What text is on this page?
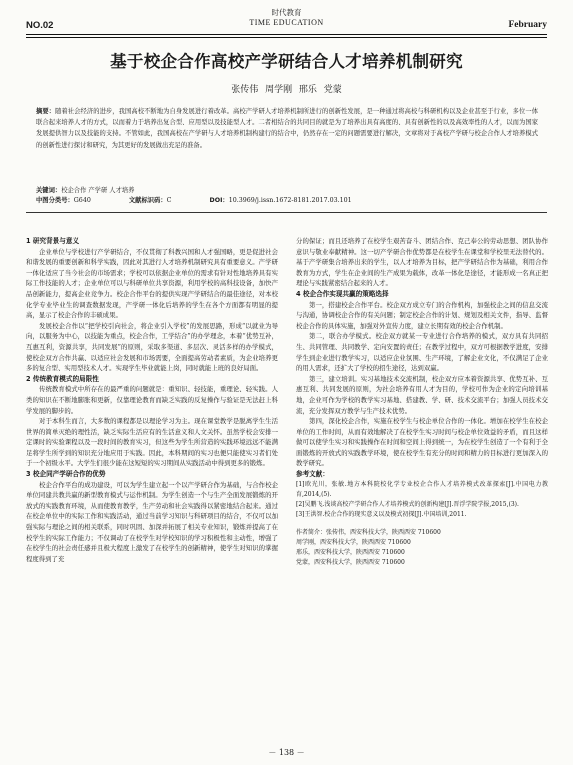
NO.02
时代教育
TIME EDUCATION	February
基于校企合作高校产学研结合人才培养机制研究
张传伟 周学刚 邢乐 党蒙
摘要：随着社会经济的进步，我国高校不断地为自身发展进行着改革。高校产学研人才培养机制所进行的创新性发展，是一种通过将高校与科研机构以及企业甚至于行业，多位一体联合起来培养人才的方式，以而着力于培养出复合型、应用型以及技能型人才。二者相结合的共同目的就是为了培养出具有高度的、具有创新性的以及高效率性的人才，以而为国家发展提供智力以及技能的支持。不管如此，我国高校在产学研与人才培养机制构建行的结合中，仍然存在一定的问题需要进行解决，文章将对于高校产学研与校企合作人才培养模式的创新性进行探讨和研究，为其更好的发展做出充足的准备。
关键词：校企合作 产学研 人才培养
中图分类号：G640	文献标识码：C	DOI：10.3969/j.issn.1672-8181.2017.03.101
1 研究背景与意义

企业单位与学校进行产学研结合，不仅贯彻了科教兴国和人才强国略，更是促进社会和谐发展的重要创新和科学实践，因此对其进行人才培养机制研究具有重要意义。产学研一体化适应了当今社会的市场需求；学校可以依据企业单位的需求有针对性地培养具有实际工作技能的人才；企业单位可以与科研单位共享资源，利用学校的高科技设备，加快产品创新能力，提高企业竞争力。校企合作平台的提供实现产学研结合的最佳途径，对本校化学专业毕业生的调查数据发现，产学研一体化后培养的学生在各个方面都有明显的提高，显示了校企合作的丰硕成果。

发展校企合作以“把学校引向社会，将企业引入学校”的发展思路，形成“以就业为导向，以服务为中心，以技能为重点，校企合作，工学结合”的办学理念，本着“优势互补，互惠互利，资源共享，共同发展”的原则，采取多渠道、多层次、灵活多样的办学模式，使校企双方合作共赢、以适应社会发展和市场需要，全面提高劳动者素质，为企业培养更多的复合型、实用型技术人才。实现学生毕业就能上岗，同时就能上班的良好局面。

2 传统教育模式的局限性

传统教育模式中所存在的最严重的问题就是：重知识、轻技能，重理论、轻实践。人类的知识在不断地膨胀和更新，仅靠理论教育而缺乏实践的反复操作与验证是无法赶上科学发展的脚步的。

对于本科生而言，大多数的课程都是以理论学习为主。现在课堂教学是脱离学生生活世界的简单灭绝的理性活，缺乏实际生活应有的生活意义和人文关怀。虽然学校会安排一定课时的实验课程以及一段时间的教育实习，但这些为学生所营造的实践环境远远不能满足将学生所学到的知识充分地应用于实践。因此，本科期间的实习也便只能使实习者们处于一个初级水平。大学生们很少能在这短短的实习期间从实践活动中得到更多的锻炼。

3 校企同产学研合作的优势

校企合作平台的成功建设，可以为学生建立起一个以产学研合作为基础，与合作校企单位同建共教共赢的新型教育模式与运作机制。为学生创造一个与生产全面发展锻炼的开放式的实践教育环境，从而使教育教学，生产劳动和社会实践得以紧密地结合起来。通过在校企单位中的实际工作和实践活动，通过当前学习知识与科研项目的结合，不仅可以加强实际与理论之间的相关联系，同时巩固、加深并拓展了相关专业知识，锻炼并提高了在校学生的实际工作能力；不仅调动了在校学生对学校知识的学习积极性和主动性，增强了在校学生的社会责任感并且极大程度上激发了在校学生的创新精神，使学生对知识的掌握程度得到了充

分的保证；而且还培养了在校学生艰苦奋斗、团结合作、克己奉公的劳动思想、团队协作意识与敬业奉献精神。这一切产学研合作优势都是在校学生在课堂和学校里无法替代的。基于产学研集合培养出来的学生，以人才培养为目标，把产学研结合作为基础，利用合作教育为方式，学生在企业间的生产成果为载体，改革一体化是途径，才能形成一名真正把理论与实践紧密结合起来的人才。

4 校企合作实现共赢的策略选择

第一，搭建校企合作平台。校企双方成立专门的合作机构，加强校企之间的信息交流与沟通，协调校企合作的有关问题；制定校企合作的计划、规划及相关文件，指导、监督校企合作的具体实施，加强对外宣传力度，建立长期有效的校企合作机制。

第二，联合办学模式。校企双方就某一专业进行合作培养的模式，双方具有共同招生、共同管理、共同教学、定向安置的责任；在教学过程中，双方可根据教学进度，安排学生到企业进行教学实习，以适应企业氛围、生产环境，了解企业文化，不仅满足了企业的用人需求，还扩大了学校的招生途径，达到双赢。

第三，建立培训。实习基地技术交流机制，校企双方应本着资源共享、优势互补、互惠互利、共同发展的原则，为社会培养有用人才为目的，学校可作为企业的定向培训基地，企业可作为学校的教学实习基地、搭建教、学、研、技术交流平台；加强人员技术交流，充分发挥双方教学与生产技术优势。

第四，深化校企合作，实施在校学生与校企单位合作的一体化。增加在校学生在校企单位的工作时间，从而有效地解决了在校学生实习时间与校企单位效益的矛盾，而且这样做可以使学生实习和实践操作在时间和空间上得到统一，为在校学生创造了一个有利于全面锻炼的开放式的实践教学环境，使在校学生有充分的时间和精力的目标进行更加深入的教学研究。

参考文献：

[1]欧光川，张敏.地方本科院校化学专业校企合作人才培养模式改革探索[J].中国电力教育,2014,(5).

[2]吴鹏飞.浅谈高校产学研合作人才培养模式的创新构建[J].晋浮学院学报,2015,(3).

[3]王洪智.校企合作的现实意义以及模式初探[J].中国培训,2011.

作者简介：张传伟，西安科技大学，陕西西安 710600

周学刚，西安科技大学，陕西西安 710600

邢乐，西安科技大学，陕西西安 710600

党蒙，西安科技大学，陕西西安 710600

－ 138 －
